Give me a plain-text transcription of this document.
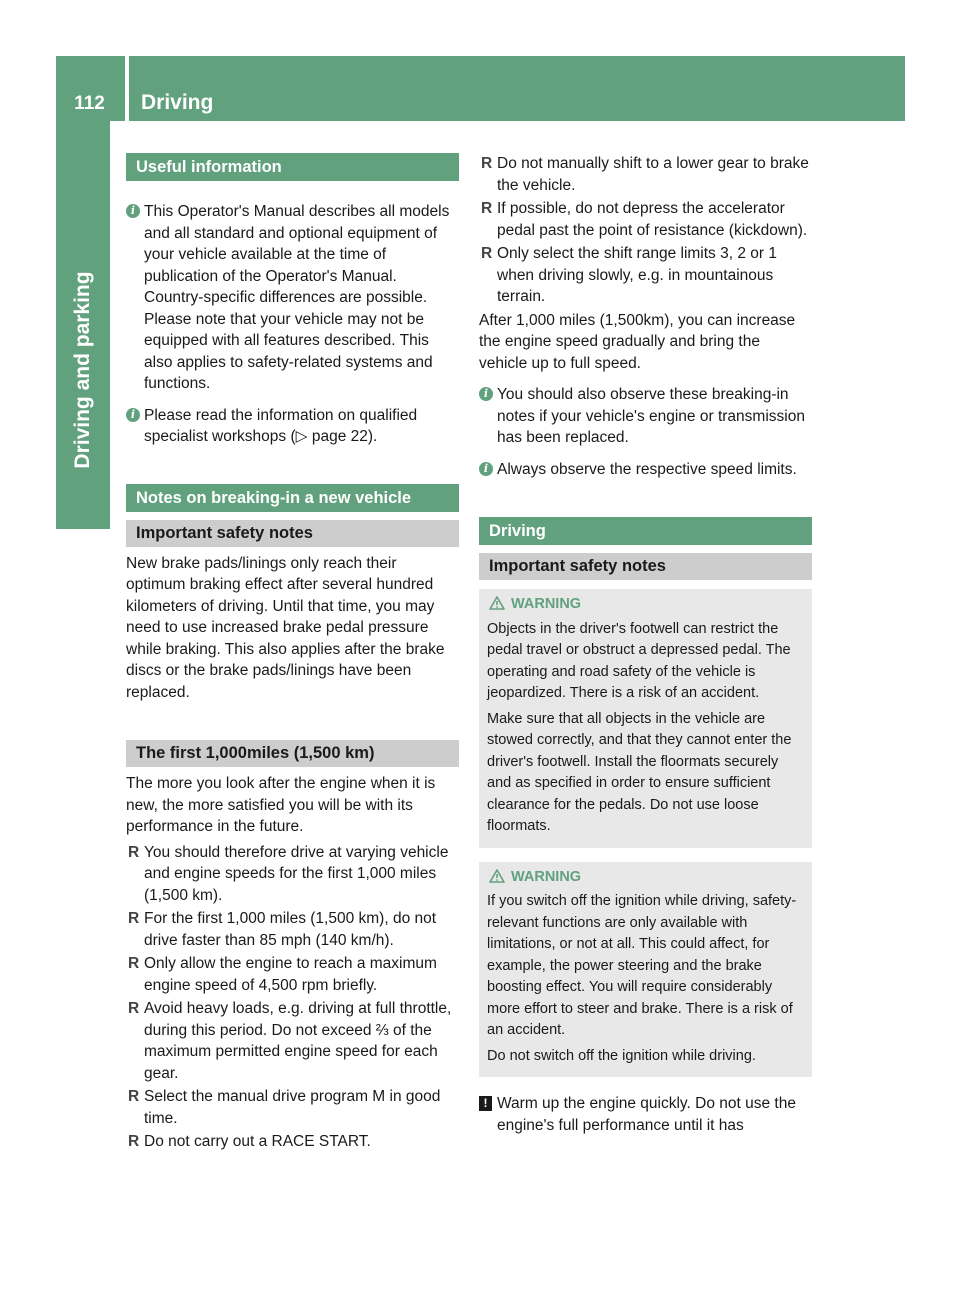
112	Driving
Driving and parking
Useful information
i This Operator's Manual describes all models and all standard and optional equipment of your vehicle available at the time of publication of the Operator's Manual. Country-specific differences are possible. Please note that your vehicle may not be equipped with all features described. This also applies to safety-related systems and functions.

i Please read the information on qualified specialist workshops (▷ page 22).

Notes on breaking-in a new vehicle
Important safety notes

New brake pads/linings only reach their optimum braking effect after several hundred kilometers of driving. Until that time, you may need to use increased brake pedal pressure while braking. This also applies after the brake discs or the brake pads/linings have been replaced.

The first 1,000miles (1,500 km)

The more you look after the engine when it is new, the more satisfied you will be with its performance in the future.

R You should therefore drive at varying vehicle and engine speeds for the first 1,000 miles (1,500 km).
R For the first 1,000 miles (1,500 km), do not drive faster than 85 mph (140 km/h).
R Only allow the engine to reach a maximum engine speed of 4,500 rpm briefly.
R Avoid heavy loads, e.g. driving at full throttle, during this period. Do not exceed ⅔ of the maximum permitted engine speed for each gear.
R Select the manual drive program M in good time.
R Do not carry out a RACE START.
R Do not manually shift to a lower gear to brake the vehicle.
R If possible, do not depress the accelerator pedal past the point of resistance (kickdown).
R Only select the shift range limits 3, 2 or 1 when driving slowly, e.g. in mountainous terrain.

After 1,000 miles (1,500km), you can increase the engine speed gradually and bring the vehicle up to full speed.

i You should also observe these breaking-in notes if your vehicle's engine or transmission has been replaced.

i Always observe the respective speed limits.

Driving
Important safety notes
WARNING

Objects in the driver's footwell can restrict the pedal travel or obstruct a depressed pedal. The operating and road safety of the vehicle is jeopardized. There is a risk of an accident.

Make sure that all objects in the vehicle are stowed correctly, and that they cannot enter the driver's footwell. Install the floormats securely and as specified in order to ensure sufficient clearance for the pedals. Do not use loose floormats.

WARNING

If you switch off the ignition while driving, safety-relevant functions are only available with limitations, or not at all. This could affect, for example, the power steering and the brake boosting effect. You will require considerably more effort to steer and brake. There is a risk of an accident.

Do not switch off the ignition while driving.

! Warm up the engine quickly. Do not use the engine's full performance until it has
